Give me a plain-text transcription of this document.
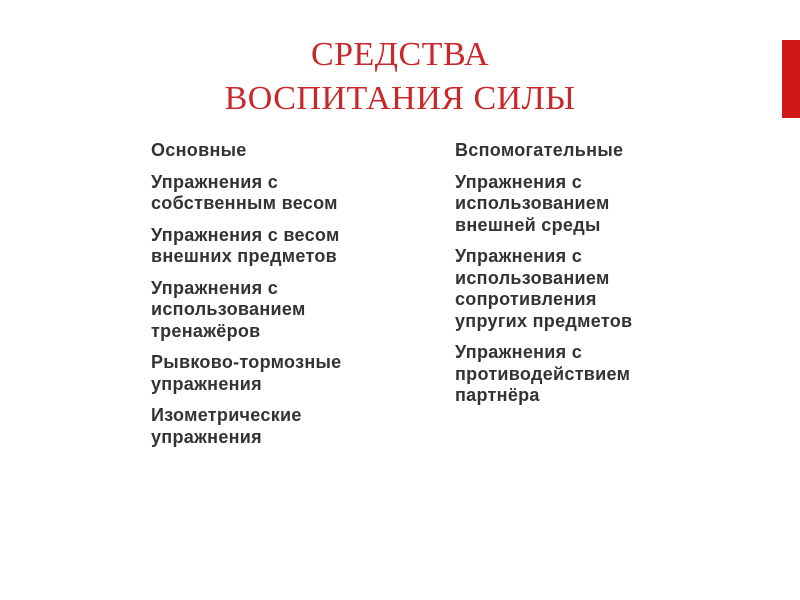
СРЕДСТВА
ВОСПИТАНИЯ СИЛЫ
Основные
Упражнения с
собственным весом
Упражнения с весом
внешних предметов
Упражнения с
использованием
тренажёров
Рывково-тормозные
упражнения
Изометрические
упражнения
Вспомогательные
Упражнения с
использованием
внешней среды
Упражнения с
использованием
сопротивления
упругих предметов
Упражнения с
противодействием
партнёра
